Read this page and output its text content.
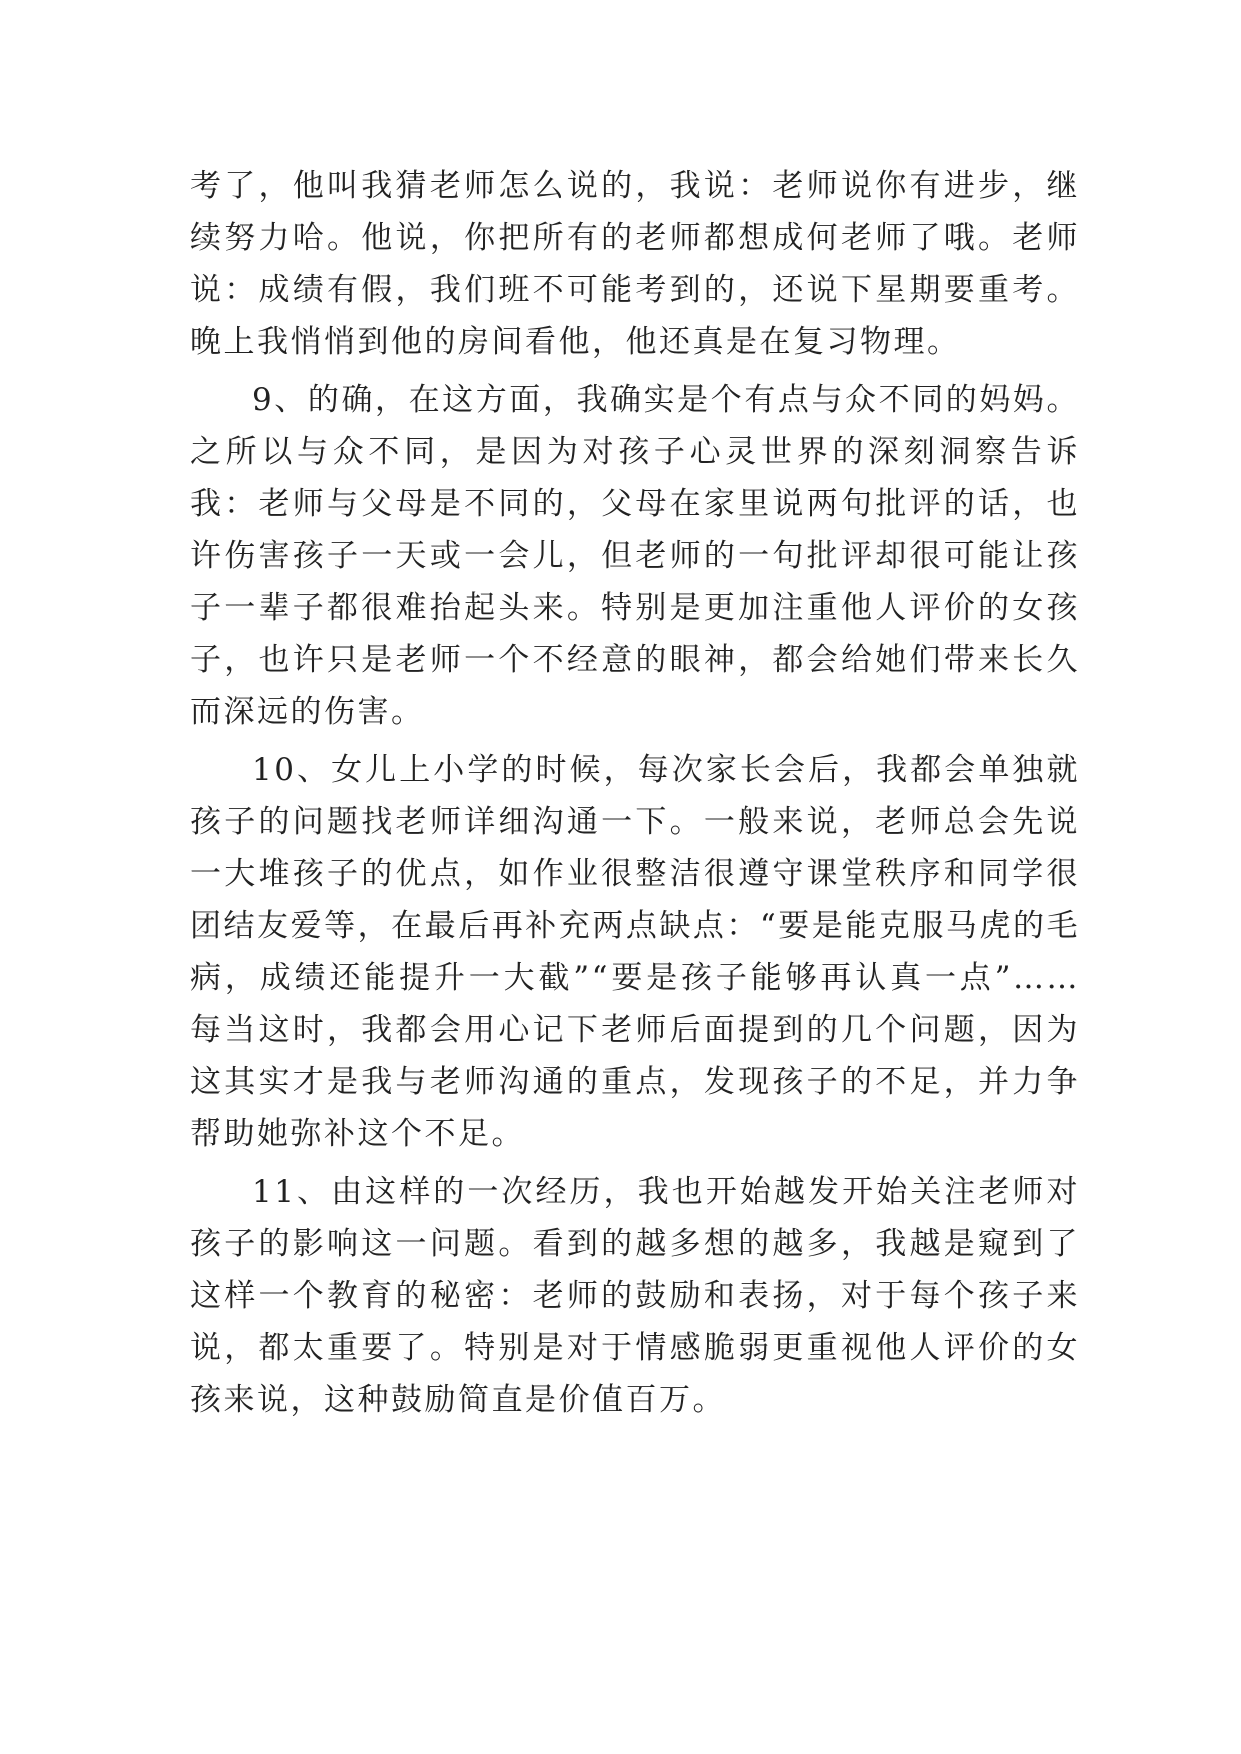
考了，他叫我猜老师怎么说的，我说：老师说你有进步，继续努力哈。他说，你把所有的老师都想成何老师了哦。老师说：成绩有假，我们班不可能考到的，还说下星期要重考。晚上我悄悄到他的房间看他，他还真是在复习物理。

9、的确，在这方面，我确实是个有点与众不同的妈妈。之所以与众不同，是因为对孩子心灵世界的深刻洞察告诉我：老师与父母是不同的，父母在家里说两句批评的话，也许伤害孩子一天或一会儿，但老师的一句批评却很可能让孩子一辈子都很难抬起头来。特别是更加注重他人评价的女孩子，也许只是老师一个不经意的眼神，都会给她们带来长久而深远的伤害。

10、女儿上小学的时候，每次家长会后，我都会单独就孩子的问题找老师详细沟通一下。一般来说，老师总会先说一大堆孩子的优点，如作业很整洁很遵守课堂秩序和同学很团结友爱等，在最后再补充两点缺点：“要是能克服马虎的毛病，成绩还能提升一大截”“要是孩子能够再认真一点”……每当这时，我都会用心记下老师后面提到的几个问题，因为这其实才是我与老师沟通的重点，发现孩子的不足，并力争帮助她弥补这个不足。

11、由这样的一次经历，我也开始越发开始关注老师对孩子的影响这一问题。看到的越多想的越多，我越是窥到了这样一个教育的秘密：老师的鼓励和表扬，对于每个孩子来说，都太重要了。特别是对于情感脆弱更重视他人评价的女孩来说，这种鼓励简直是价值百万。
